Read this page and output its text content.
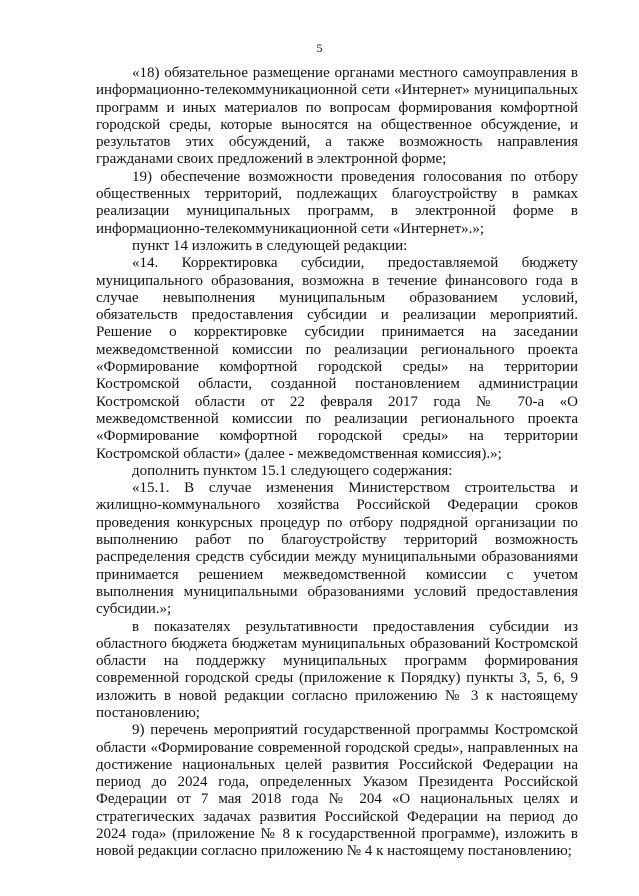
5

«18) обязательное размещение органами местного самоуправления в информационно-телекоммуникационной сети «Интернет» муниципальных программ и иных материалов по вопросам формирования комфортной городской среды, которые выносятся на общественное обсуждение, и результатов этих обсуждений, а также возможность направления гражданами своих предложений в электронной форме;

19) обеспечение возможности проведения голосования по отбору общественных территорий, подлежащих благоустройству в рамках реализации муниципальных программ, в электронной форме в информационно-телекоммуникационной сети «Интернет».»;

пункт 14 изложить в следующей редакции:

«14. Корректировка субсидии, предоставляемой бюджету муниципального образования, возможна в течение финансового года в случае невыполнения муниципальным образованием условий, обязательств предоставления субсидии и реализации мероприятий. Решение о корректировке субсидии принимается на заседании межведомственной комиссии по реализации регионального проекта «Формирование комфортной городской среды» на территории Костромской области, созданной постановлением администрации Костромской области от 22 февраля 2017 года № 70-а «О межведомственной комиссии по реализации регионального проекта «Формирование комфортной городской среды» на территории Костромской области» (далее - межведомственная комиссия).»;

дополнить пунктом 15.1 следующего содержания:

«15.1. В случае изменения Министерством строительства и жилищно-коммунального хозяйства Российской Федерации сроков проведения конкурсных процедур по отбору подрядной организации по выполнению работ по благоустройству территорий возможность распределения средств субсидии между муниципальными образованиями принимается решением межведомственной комиссии с учетом выполнения муниципальными образованиями условий предоставления субсидии.»;

в показателях результативности предоставления субсидии из областного бюджета бюджетам муниципальных образований Костромской области на поддержку муниципальных программ формирования современной городской среды (приложение к Порядку) пункты 3, 5, 6, 9 изложить в новой редакции согласно приложению № 3 к настоящему постановлению;

9) перечень мероприятий государственной программы Костромской области «Формирование современной городской среды», направленных на достижение национальных целей развития Российской Федерации на период до 2024 года, определенных Указом Президента Российской Федерации от 7 мая 2018 года № 204 «О национальных целях и стратегических задачах развития Российской Федерации на период до 2024 года» (приложение № 8 к государственной программе), изложить в новой редакции согласно приложению № 4 к настоящему постановлению;
